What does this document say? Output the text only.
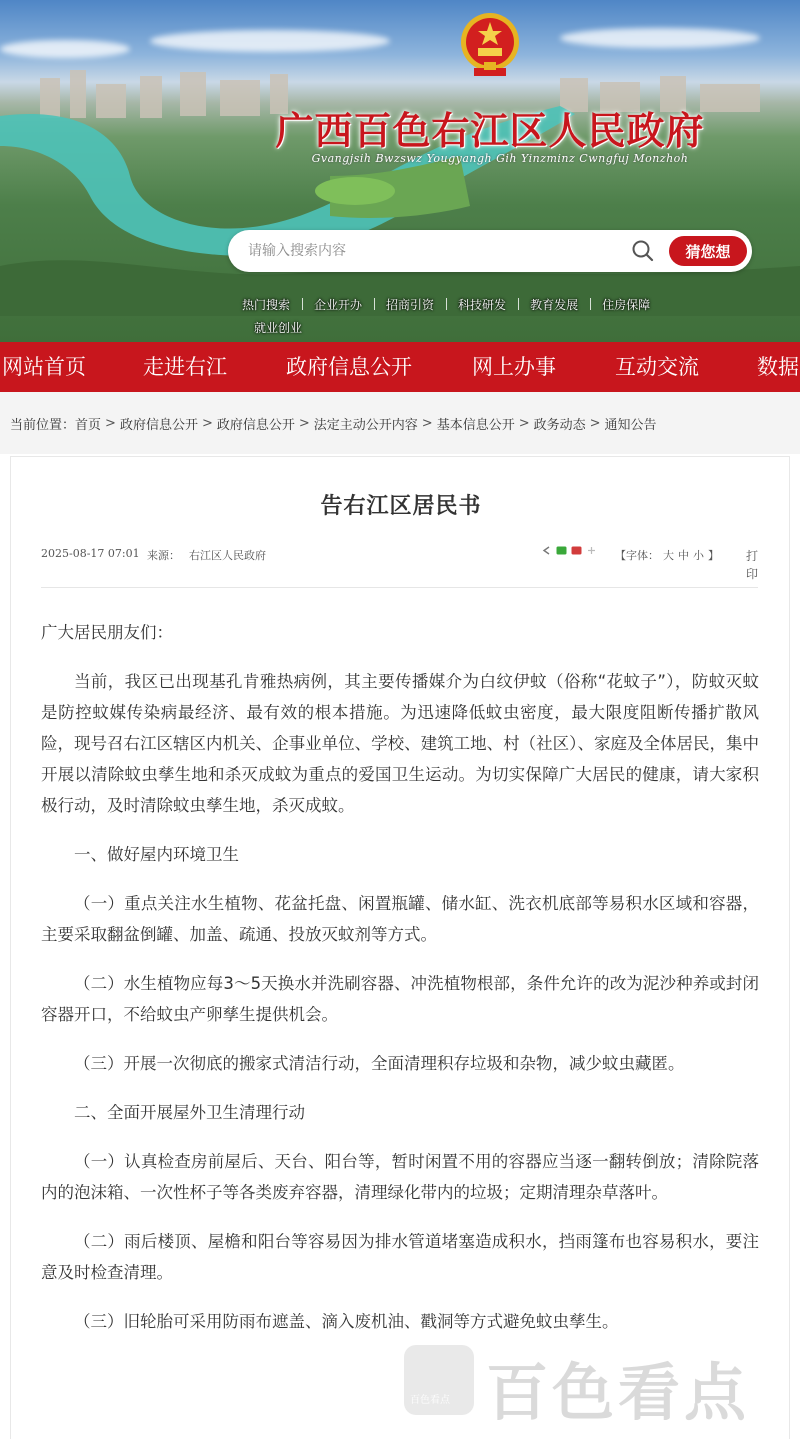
广西百色右江区人民政府
Gvangjsih Bwzswz Yougyangh Gih Yinzminz Cwngfuj Monzhoh
请输入搜索内容
猜您想
热门搜索	企业开办	招商引资	科技研发	教育发展	住房保障
就业创业
网站首页	走进右江	政府信息公开	网上办事	互动交流	数据
当前位置： 首页 > 政府信息公开 > 政府信息公开 > 法定主动公开内容 > 基本信息公开 > 政务动态 > 通知公告
告右江区居民书
2025-08-17 07:01 来源： 右江区人民政府	【字体： 大 中 小 】 打印

广大居民朋友们：

当前，我区已出现基孔肯雅热病例，其主要传播媒介为白纹伊蚊（俗称“花蚊子”），防蚊灭蚊是防控蚊媒传染病最经济、最有效的根本措施。为迅速降低蚊虫密度，最大限度阻断传播扩散风险，现号召右江区辖区内机关、企事业单位、学校、建筑工地、村（社区）、家庭及全体居民，集中开展以清除蚊虫孳生地和杀灭成蚊为重点的爱国卫生运动。为切实保障广大居民的健康，请大家积极行动，及时清除蚊虫孳生地，杀灭成蚊。

一、做好屋内环境卫生

（一）重点关注水生植物、花盆托盘、闲置瓶罐、储水缸、洗衣机底部等易积水区域和容器，主要采取翻盆倒罐、加盖、疏通、投放灭蚊剂等方式。

（二）水生植物应每3～5天换水并洗刷容器、冲洗植物根部，条件允许的改为泥沙种养或封闭容器开口，不给蚊虫产卵孳生提供机会。

（三）开展一次彻底的搬家式清洁行动，全面清理积存垃圾和杂物，减少蚊虫藏匿。

二、全面开展屋外卫生清理行动

（一）认真检查房前屋后、天台、阳台等，暂时闲置不用的容器应当逐一翻转倒放；清除院落内的泡沫箱、一次性杯子等各类废弃容器，清理绿化带内的垃圾；定期清理杂草落叶。

（二）雨后楼顶、屋檐和阳台等容易因为排水管道堵塞造成积水，挡雨篷布也容易积水，要注意及时检查清理。

（三）旧轮胎可采用防雨布遮盖、滴入废机油、戳洞等方式避免蚊虫孳生。

百色看点 百色看点
